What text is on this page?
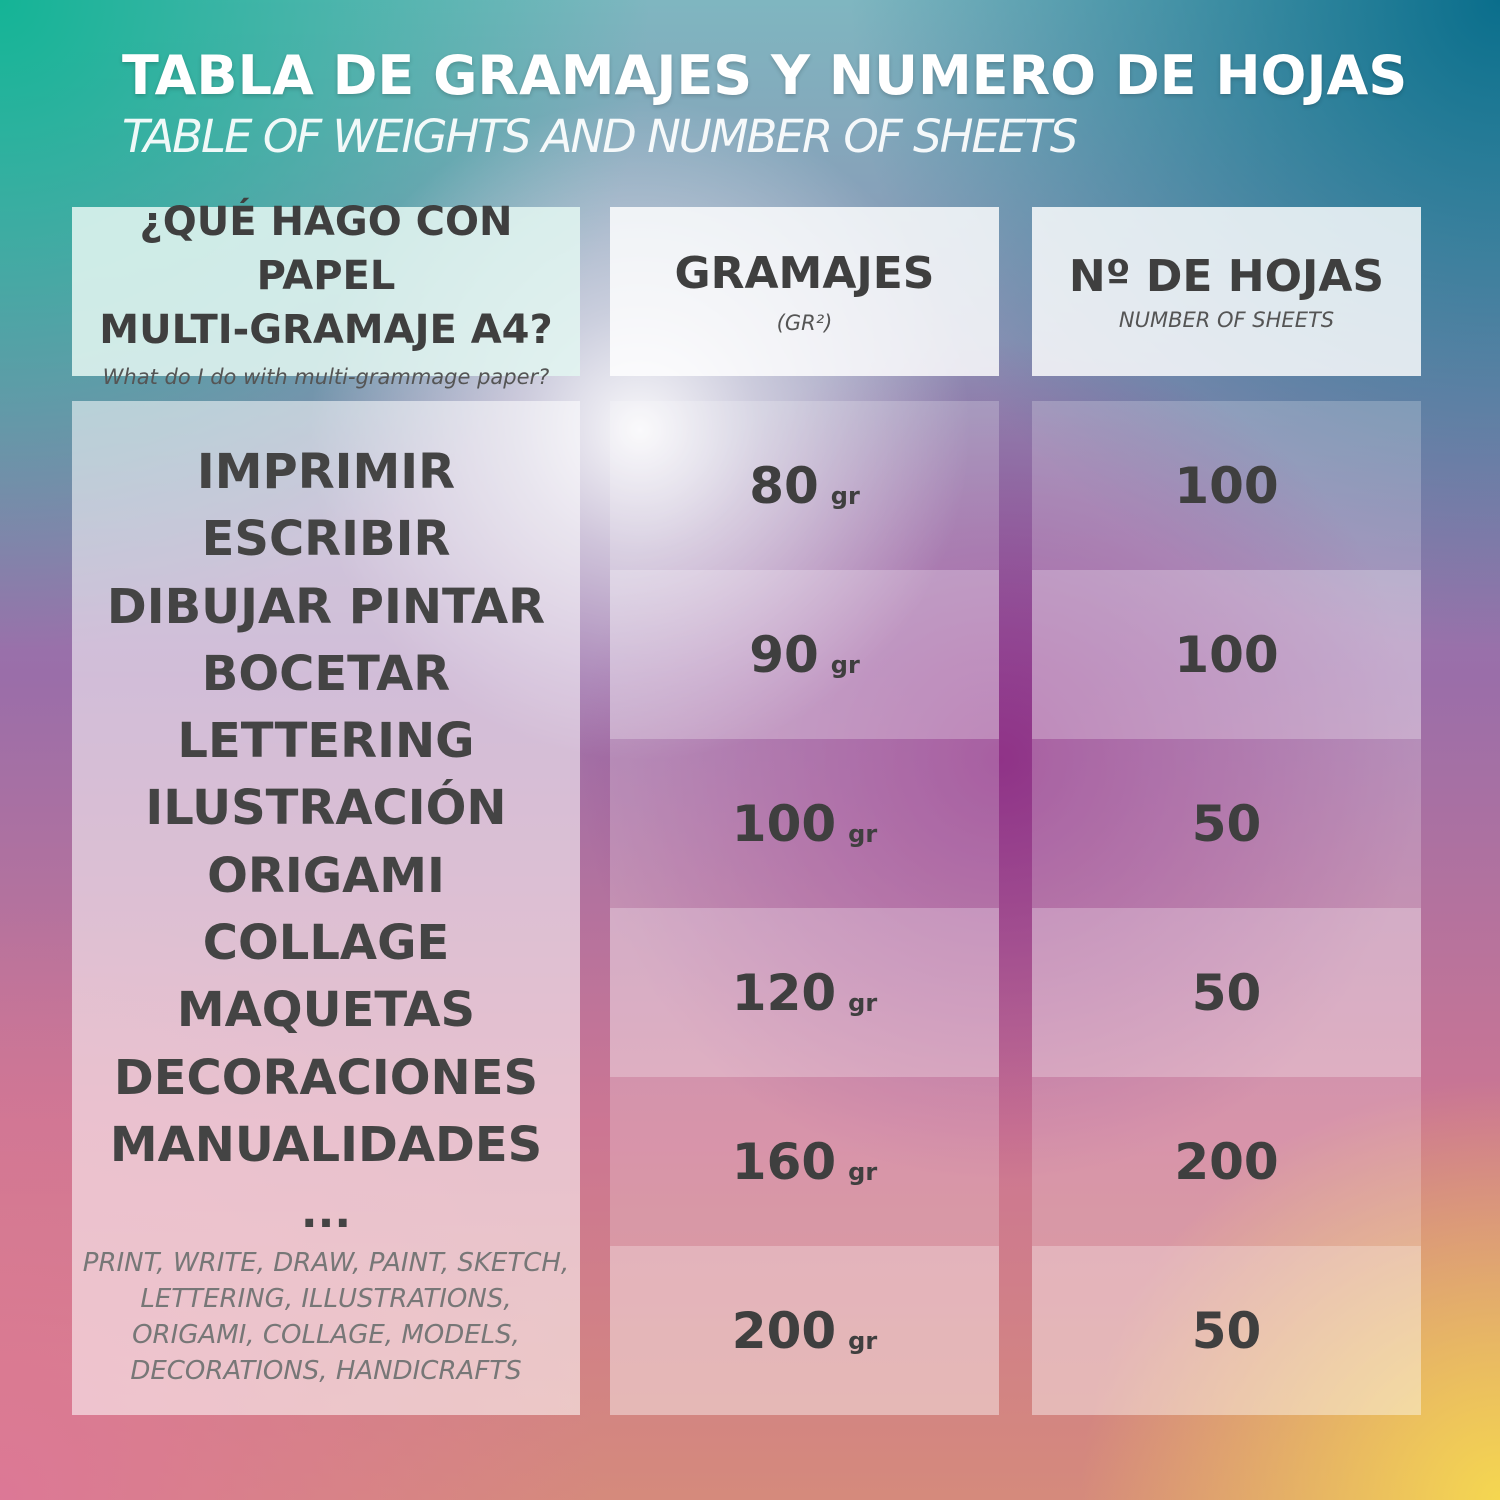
TABLA DE GRAMAJES Y NUMERO DE HOJAS
TABLE OF WEIGHTS AND NUMBER OF SHEETS
¿QUÉ HAGO CON PAPEL
MULTI-GRAMAJE A4?
What do I do with multi-grammage paper?
GRAMAJES
(GR²)
Nº DE HOJAS
NUMBER OF SHEETS
IMPRIMIR
ESCRIBIR
DIBUJAR PINTAR
BOCETAR
LETTERING
ILUSTRACIÓN
ORIGAMI
COLLAGE
MAQUETAS
DECORACIONES
MANUALIDADES
...
PRINT, WRITE, DRAW, PAINT, SKETCH, LETTERING, ILLUSTRATIONS, ORIGAMI, COLLAGE, MODELS, DECORATIONS, HANDICRAFTS
80 gr
90 gr
100 gr
120 gr
160 gr
200 gr
100
100
50
50
200
50
